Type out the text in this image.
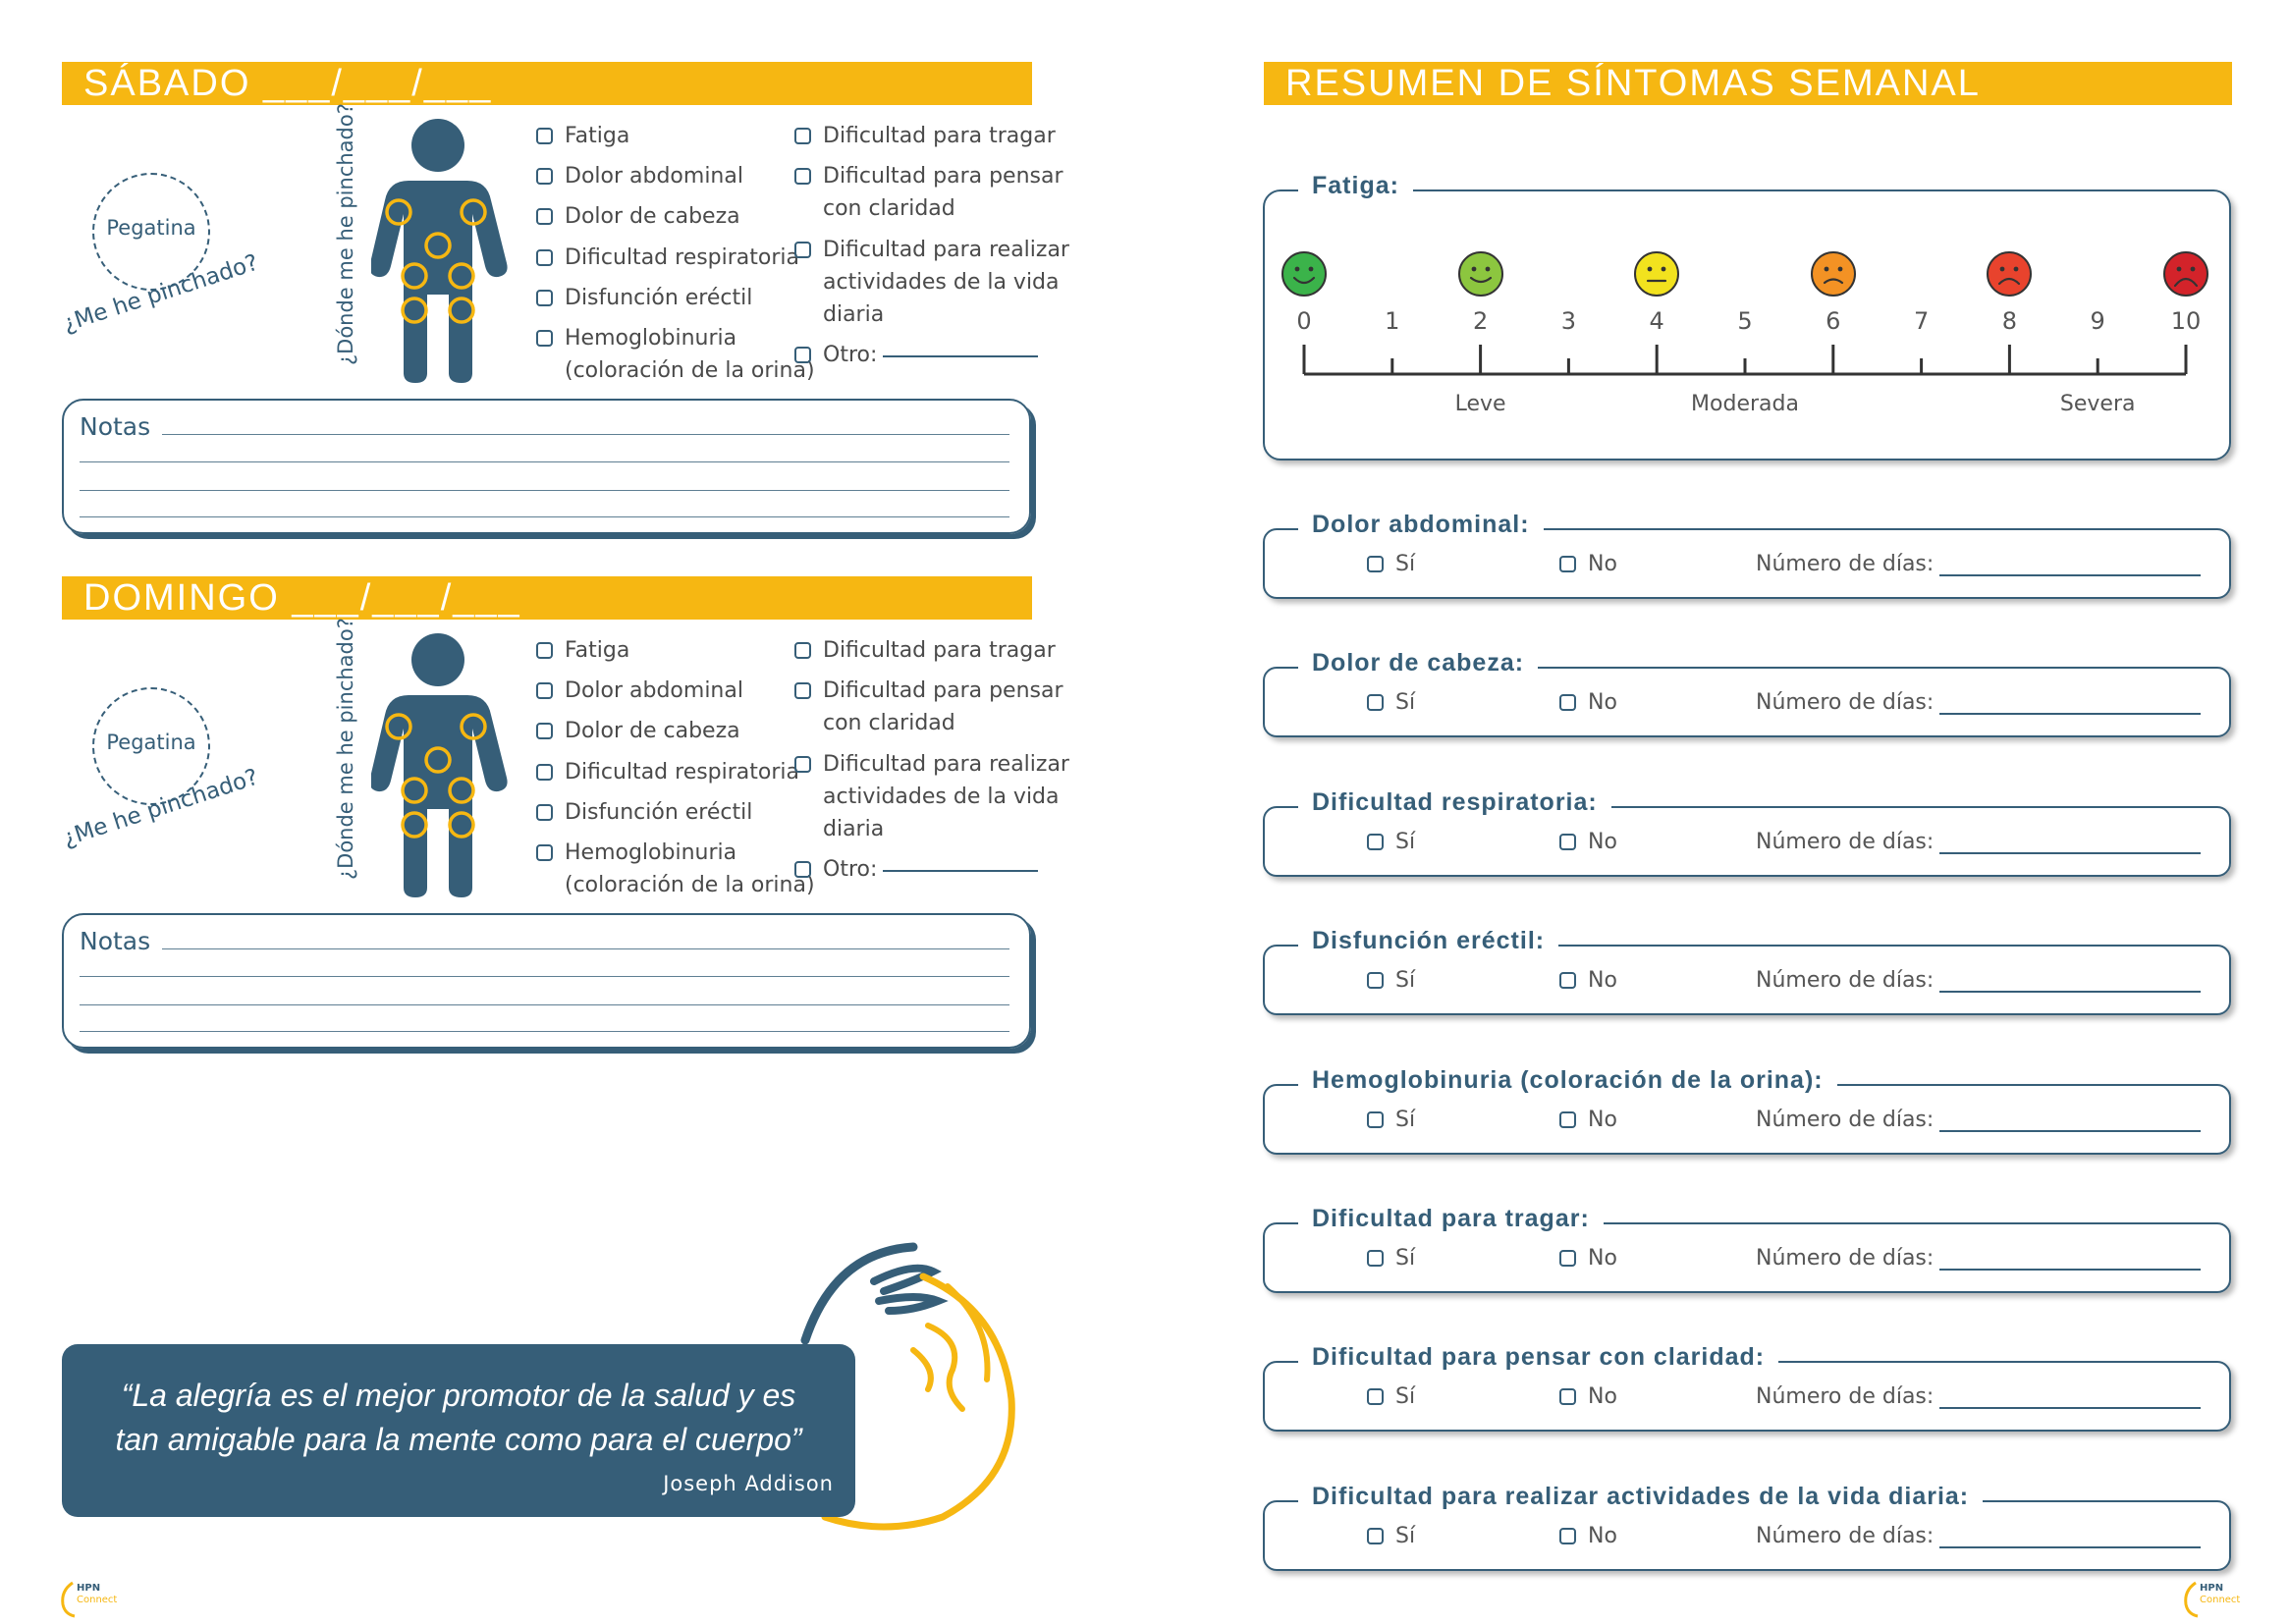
SÁBADO ___/___/___
Pegatina
¿Me he pinchado?	¿Dónde me he pinchado?	Fatiga
Dolor abdominal
Dolor de cabeza
Dificultad respiratoria
Disfunción eréctil
Hemoglobinuria
(coloración de la orina)
Dificultad para tragar
Dificultad para pensar
con claridad
Dificultad para realizar
actividades de la vida
diaria
Otro:
Notas
DOMINGO ___/___/___
Pegatina
¿Me he pinchado?	¿Dónde me he pinchado?	Fatiga
Dolor abdominal
Dolor de cabeza
Dificultad respiratoria
Disfunción eréctil
Hemoglobinuria
(coloración de la orina)
Dificultad para tragar
Dificultad para pensar
con claridad
Dificultad para realizar
actividades de la vida
diaria
Otro:
Notas
“La alegría es el mejor promotor de la salud y es
tan amigable para la mente como para el cuerpo”
Joseph Addison
HPN
Connect
HPN
Connect
RESUMEN DE SÍNTOMAS SEMANAL
Fatiga:
0	1	2	3	4	5	6	7	8	9	10
Leve	Moderada	Severa
Dolor abdominal:
Sí	No	Número de días:
Dolor de cabeza:
Sí	No	Número de días:
Dificultad respiratoria:
Sí	No	Número de días:
Disfunción eréctil:
Sí	No	Número de días:
Hemoglobinuria (coloración de la orina):
Sí	No	Número de días:
Dificultad para tragar:
Sí	No	Número de días:
Dificultad para pensar con claridad:
Sí	No	Número de días:
Dificultad para realizar actividades de la vida diaria:
Sí	No	Número de días:
